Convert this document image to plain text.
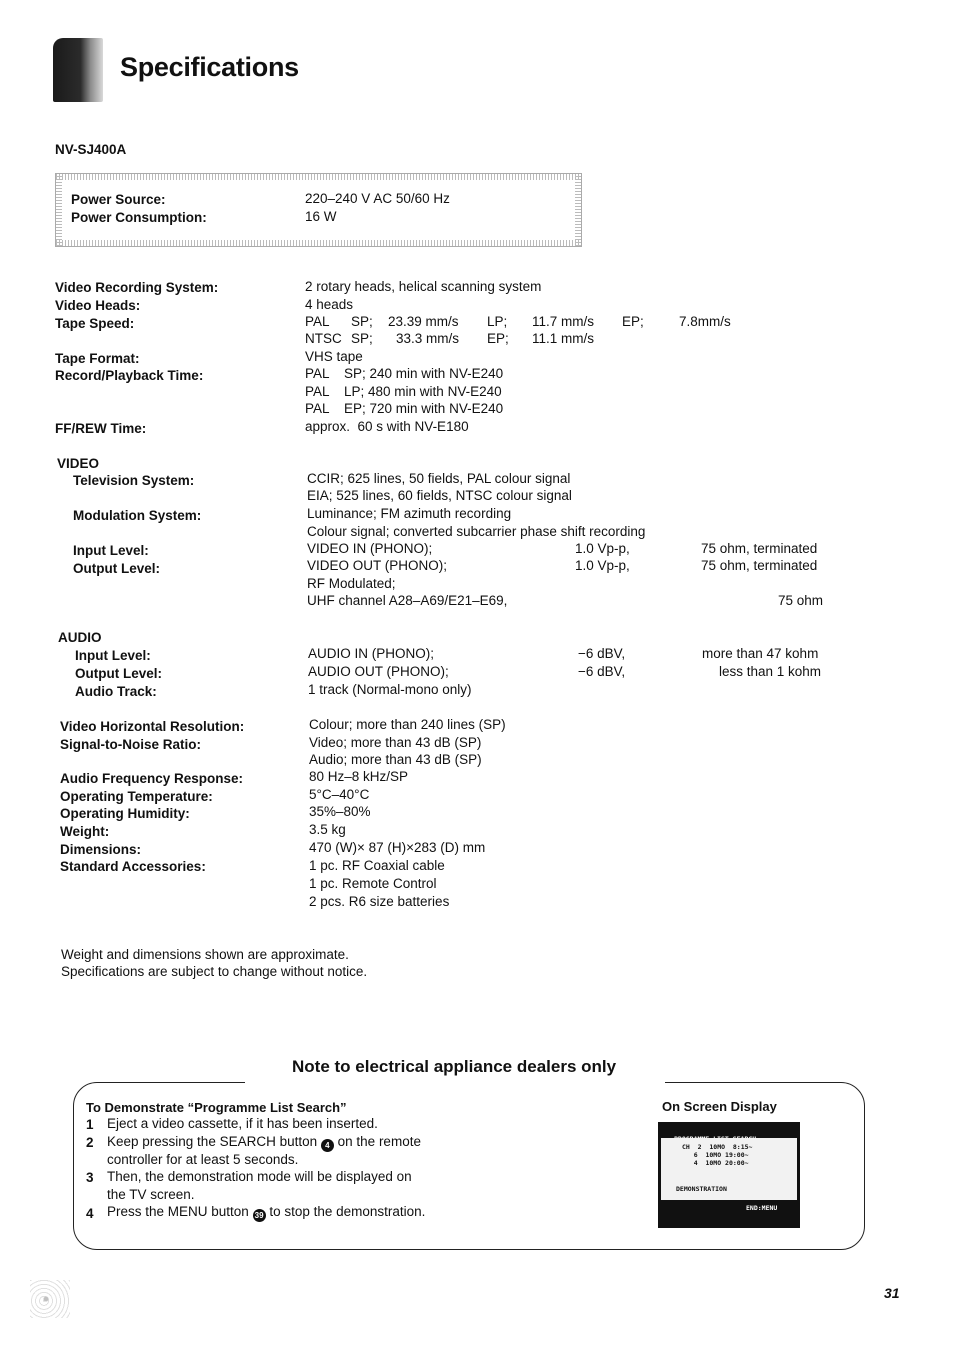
Specifications
NV-SJ400A
Power Source:	220–240 V AC 50/60 Hz
Power Consumption:	16 W
Video Recording System:	2 rotary heads, helical scanning system
Video Heads:	4 heads
Tape Speed:	PAL SP; 23.39 mm/s LP; 11.7 mm/s EP;	7.8mm/s
NTSC SP; 33.3 mm/s EP; 11.1 mm/s
Tape Format:	VHS tape
Record/Playback Time:	PAL    SP; 240 min with NV-E240
PAL    LP; 480 min with NV-E240
PAL    EP; 720 min with NV-E240
FF/REW Time:	approx.  60 s with NV-E180
VIDEO
Television System:	CCIR; 625 lines, 50 fields, PAL colour signal
EIA; 525 lines, 60 fields, NTSC colour signal
Modulation System:	Luminance; FM azimuth recording
Colour signal; converted subcarrier phase shift recording
Input Level:	VIDEO IN (PHONO);	1.0 Vp-p,	75 ohm, terminated
Output Level:	VIDEO OUT (PHONO);	1.0 Vp-p,	75 ohm, terminated
RF Modulated;
UHF channel A28–A69/E21–E69,	75 ohm
AUDIO
Input Level:	AUDIO IN (PHONO);	−6 dBV,	more than 47 kohm
Output Level:	AUDIO OUT (PHONO);	−6 dBV,	less than 1 kohm
Audio Track:	1 track (Normal-mono only)
Video Horizontal Resolution:	Colour; more than 240 lines (SP)
Signal-to-Noise Ratio:	Video; more than 43 dB (SP)
Audio; more than 43 dB (SP)
Audio Frequency Response:	80 Hz–8 kHz/SP
Operating Temperature:	5°C–40°C
Operating Humidity:	35%–80%
Weight:	3.5 kg
Dimensions:	470 (W)× 87 (H)×283 (D) mm
Standard Accessories:	1 pc. RF Coaxial cable
1 pc. Remote Control
2 pcs. R6 size batteries
Weight and dimensions shown are approximate.
Specifications are subject to change without notice.
Note to electrical appliance dealers only
To Demonstrate “Programme List Search”
1 Eject a video cassette, if it has been inserted.
2 Keep pressing the SEARCH button 4 on the remote
controller for at least 5 seconds.
3 Then, the demonstration mode will be displayed on
the TV screen.
4 Press the MENU button 39 to stop the demonstration.
On Screen Display
CH  2  10MO  8:15~
6  10MO 19:00~
4  10MO 20:00~
DEMONSTRATION
END:MENU
31
